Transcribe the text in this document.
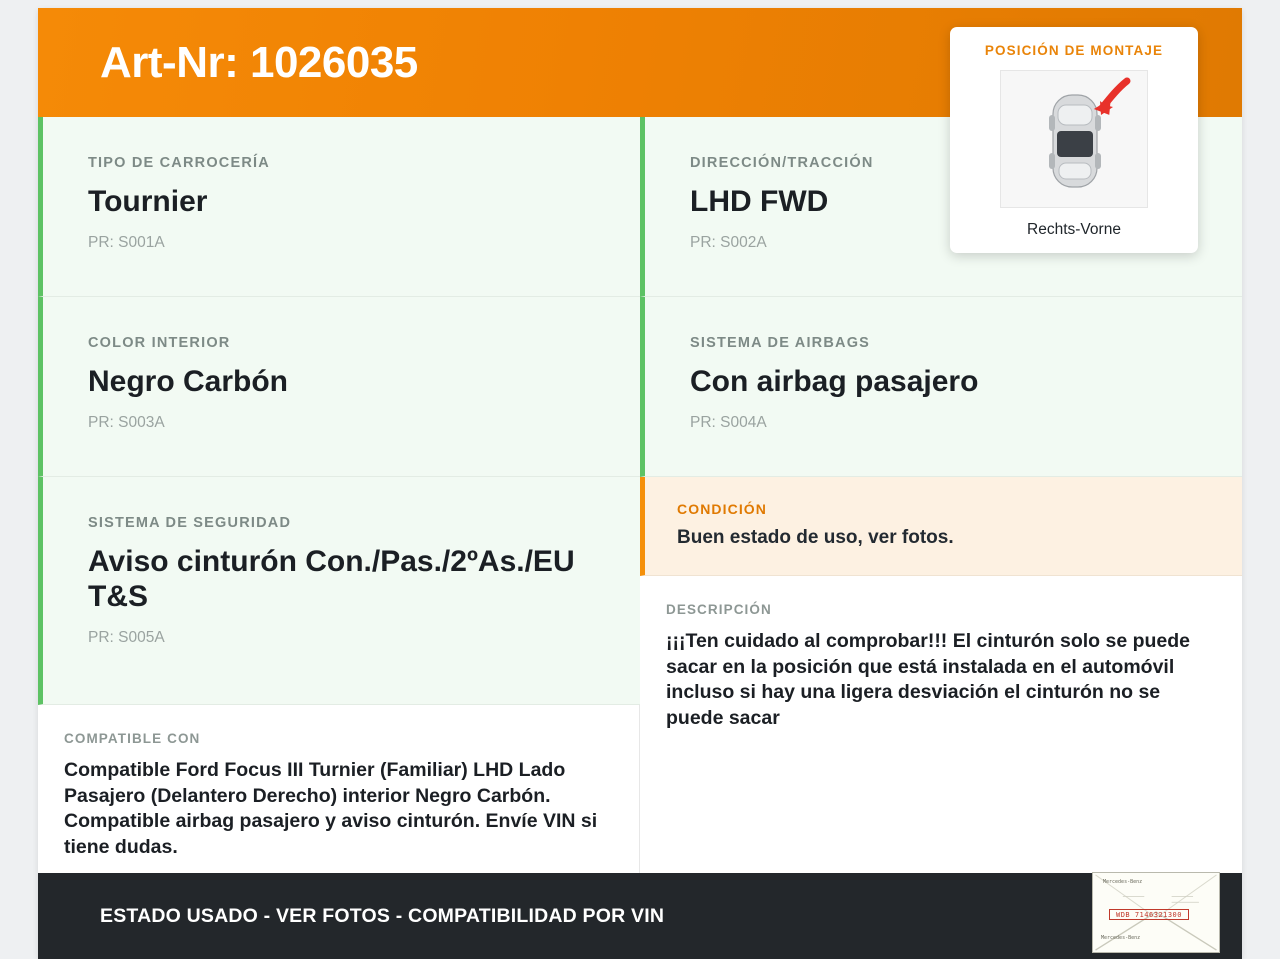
Art-Nr: 1026035	POSICIÓN DE MONTAJE
Rechts-Vorne
TIPO DE CARROCERÍA
Tournier
PR: S001A
COLOR INTERIOR
Negro Carbón
PR: S003A
SISTEMA DE SEGURIDAD
Aviso cinturón Con./Pas./2ºAs./EU T&S
PR: S005A
COMPATIBLE CON
Compatible Ford Focus III Turnier (Familiar) LHD Lado Pasajero (Delantero Derecho) interior Negro Carbón. Compatible airbag pasajero y aviso cinturón. Envíe VIN si tiene dudas.
DIRECCIÓN/TRACCIÓN
LHD FWD
PR: S002A
SISTEMA DE AIRBAGS
Con airbag pasajero
PR: S004A
CONDICIÓN
Buen estado de uso, ver fotos.
DESCRIPCIÓN
¡¡¡Ten cuidado al comprobar!!! El cinturón solo se puede sacar en la posición que está instalada en el automóvil incluso si hay una ligera desviación el cinturón no se puede sacar
ESTADO USADO - VER FOTOS - COMPATIBILIDAD POR VIN
Mercedes-Benz
WDB 7146321300
Mercedes-Benz
